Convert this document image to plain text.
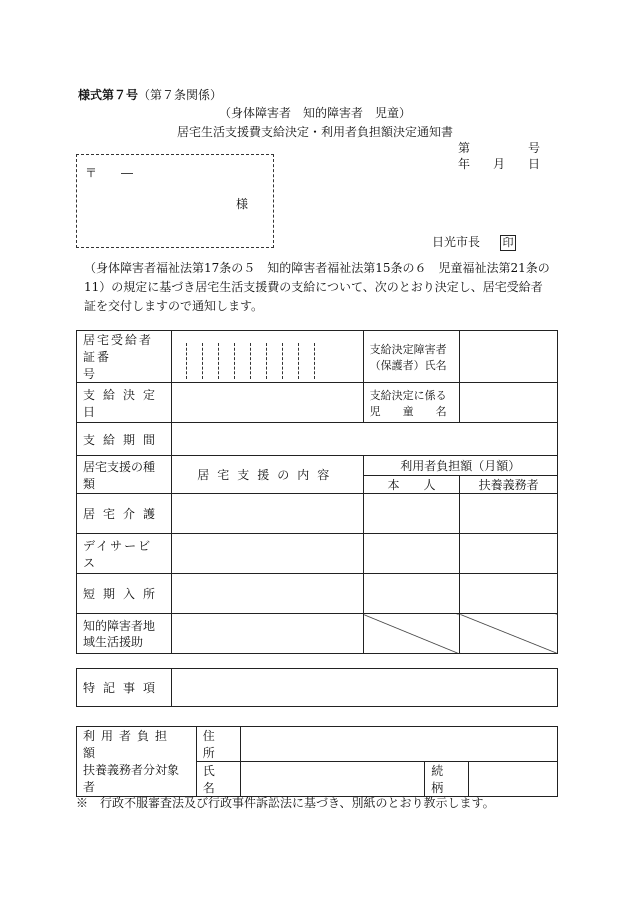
様式第７号（第７条関係）
（身体障害者　知的障害者　児童）
居宅生活支援費支給決定・利用者負担額決定通知書
第	号
年 月 日
〒　　―
様
日光市長 印
（身体障害者福祉法第17条の５　知的障害者福祉法第15条の６　児童福祉法第21条の11）の規定に基づき居宅生活支援費の支給について、次のとおり決定し、居宅受給者証を交付しますので通知します。
居宅受給者証番　　　号		支給決定障害者（保護者）氏名	
支給決定日		支給決定に係る児　　童　　名	
支給期間			
居宅支援の種類	居宅支援の内容	利用者負担額（月額）	
		本　　人	扶養義務者
居宅介護			
デイサービス			
短期入所			
知的障害者地域生活援助			
特記事項	
利用者負担額
扶養義務者分対象者	住　所			
	氏　名		続　柄	
※　行政不服審査法及び行政事件訴訟法に基づき、別紙のとおり教示します。
